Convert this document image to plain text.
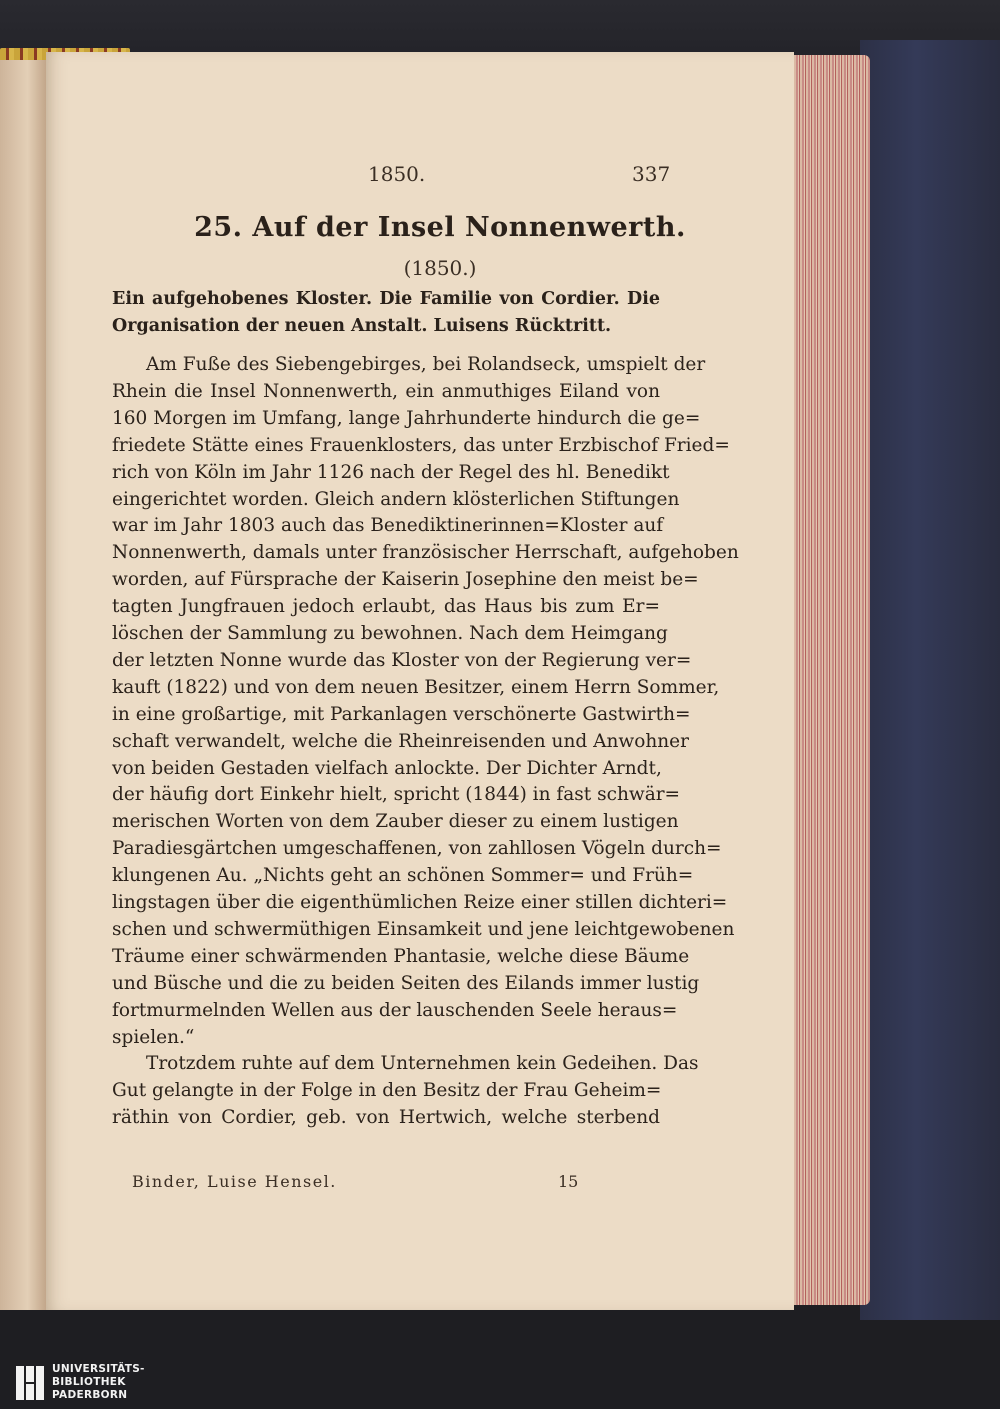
1850.	337
25. Auf der Insel Nonnenwerth.
(1850.)
Ein aufgehobenes Kloster. Die Familie von Cordier. Die
Organisation der neuen Anstalt. Luisens Rücktritt.
Am Fuße des Siebengebirges, bei Rolandseck, umspielt der
Rhein die Insel Nonnenwerth, ein anmuthiges Eiland von
160 Morgen im Umfang, lange Jahrhunderte hindurch die ge=
friedete Stätte eines Frauenklosters, das unter Erzbischof Fried=
rich von Köln im Jahr 1126 nach der Regel des hl. Benedikt
eingerichtet worden. Gleich andern klösterlichen Stiftungen
war im Jahr 1803 auch das Benediktinerinnen=Kloster auf
Nonnenwerth, damals unter französischer Herrschaft, aufgehoben
worden, auf Fürsprache der Kaiserin Josephine den meist be=
tagten Jungfrauen jedoch erlaubt, das Haus bis zum Er=
löschen der Sammlung zu bewohnen. Nach dem Heimgang
der letzten Nonne wurde das Kloster von der Regierung ver=
kauft (1822) und von dem neuen Besitzer, einem Herrn Sommer,
in eine großartige, mit Parkanlagen verschönerte Gastwirth=
schaft verwandelt, welche die Rheinreisenden und Anwohner
von beiden Gestaden vielfach anlockte. Der Dichter Arndt,
der häufig dort Einkehr hielt, spricht (1844) in fast schwär=
merischen Worten von dem Zauber dieser zu einem lustigen
Paradiesgärtchen umgeschaffenen, von zahllosen Vögeln durch=
klungenen Au. „Nichts geht an schönen Sommer= und Früh=
lingstagen über die eigenthümlichen Reize einer stillen dichteri=
schen und schwermüthigen Einsamkeit und jene leichtgewobenen
Träume einer schwärmenden Phantasie, welche diese Bäume
und Büsche und die zu beiden Seiten des Eilands immer lustig
fortmurmelnden Wellen aus der lauschenden Seele heraus=
spielen.“
Trotzdem ruhte auf dem Unternehmen kein Gedeihen. Das
Gut gelangte in der Folge in den Besitz der Frau Geheim=
räthin von Cordier, geb. von Hertwich, welche sterbend
Binder, Luise Hensel.	15
UNIVERSITÄTS-
BIBLIOTHEK
PADERBORN
